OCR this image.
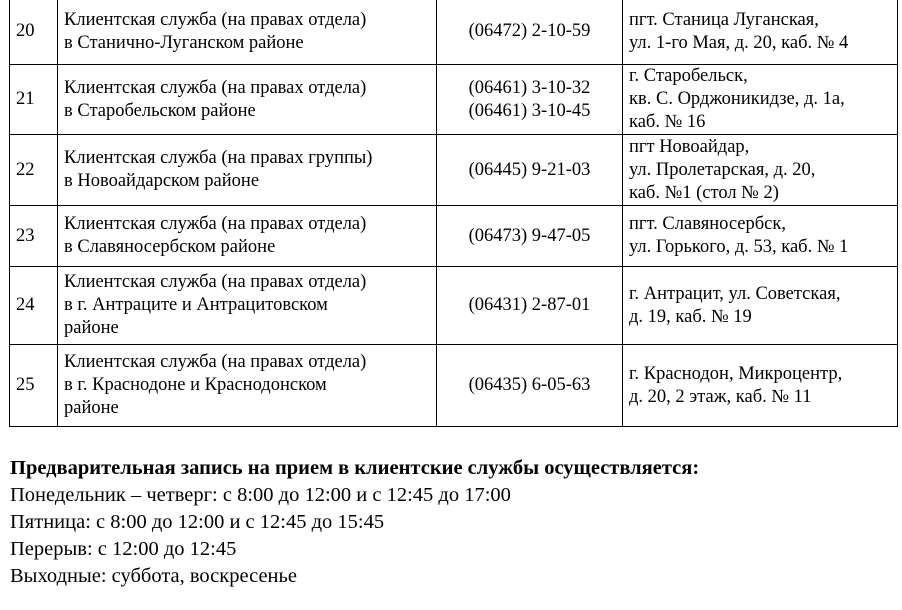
20	Клиентская служба (на правах отдела)
в Станично-Луганском районе	(06472) 2-10-59	пгт. Станица Луганская,
ул. 1-го Мая, д. 20, каб. № 4

21	Клиентская служба (на правах отдела)
в Старобельском районе	(06461) 3-10-32
(06461) 3-10-45	г. Старобельск,
кв. С. Орджоникидзе, д. 1а,
каб. № 16

22	Клиентская служба (на правах группы)
в Новоайдарском районе	(06445) 9-21-03	пгт Новоайдар,
ул. Пролетарская, д. 20,
каб. №1 (стол № 2)

23	Клиентская служба (на правах отдела)
в Славяносербском районе	(06473) 9-47-05	пгт. Славяносербск,
ул. Горького, д. 53, каб. № 1

24	Клиентская служба (на правах отдела)
в г. Антраците и Антрацитовском
районе	(06431) 2-87-01	г. Антрацит, ул. Советская,
д. 19, каб. № 19

25	Клиентская служба (на правах отдела)
в г. Краснодоне и Краснодонском
районе	(06435) 6-05-63	г. Краснодон, Микроцентр,
д. 20, 2 этаж, каб. № 11
Предварительная запись на прием в клиентские службы осуществляется:
Понедельник – четверг: с 8:00 до 12:00 и с 12:45 до 17:00
Пятница: с 8:00 до 12:00 и с 12:45 до 15:45
Перерыв: с 12:00 до 12:45
Выходные: суббота, воскресенье
